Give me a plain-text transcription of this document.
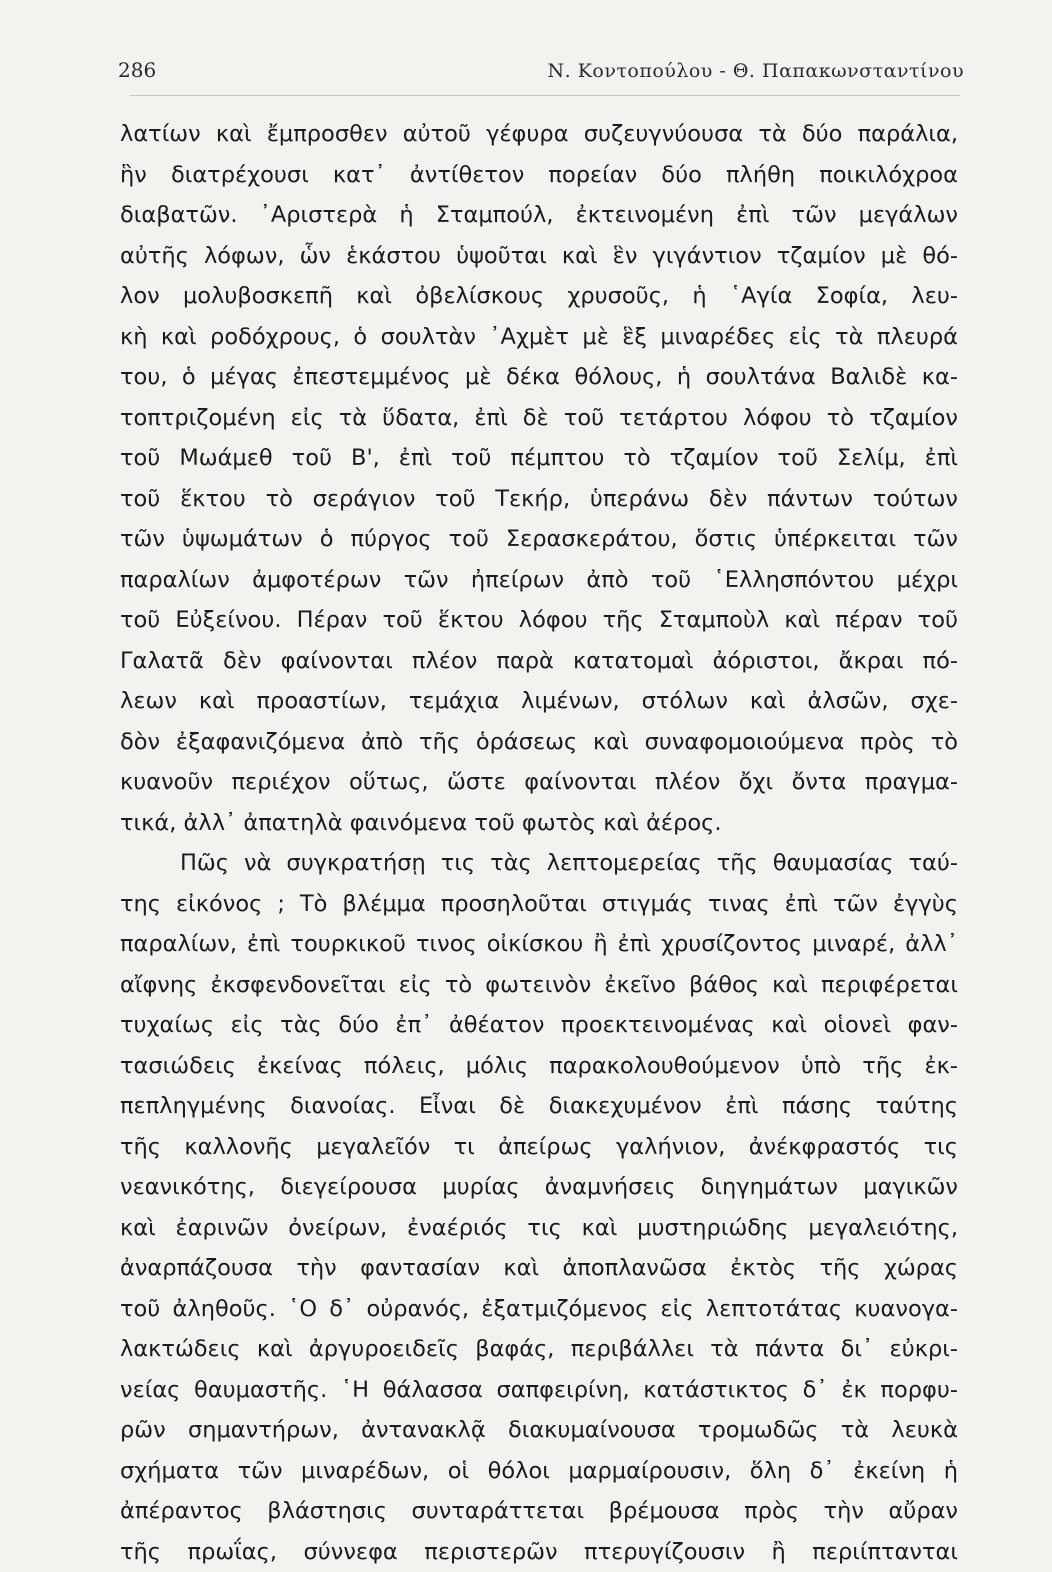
286	Ν. Κοντοπούλου - Θ. Παπακωνσταντίνου
λατίων καὶ ἔμπροσθεν αὐτοῦ γέφυρα συζευγνύουσα τὰ δύο παράλια,
ἣν διατρέχουσι κατ᾽ ἀντίθετον πορείαν δύο πλήθη ποικιλόχροα
διαβατῶν. ᾽Αριστερὰ ἡ Σταμπούλ, ἐκτεινομένη ἐπὶ τῶν μεγάλων
αὐτῆς λόφων, ὧν ἑκάστου ὑψοῦται καὶ ἓν γιγάντιον τζαμίον μὲ θό-
λον μολυβοσκεπῆ καὶ ὀβελίσκους χρυσοῦς, ἡ ῾Αγία Σοφία, λευ-
κὴ καὶ ροδόχρους, ὁ σουλτὰν ᾽Αχμὲτ μὲ ἓξ μιναρέδες εἰς τὰ πλευρά
του, ὁ μέγας ἐπεστεμμένος μὲ δέκα θόλους, ἡ σουλτάνα Βαλιδὲ κα-
τοπτριζομένη εἰς τὰ ὕδατα, ἐπὶ δὲ τοῦ τετάρτου λόφου τὸ τζαμίον
τοῦ Μωάμεθ τοῦ Β', ἐπὶ τοῦ πέμπτου τὸ τζαμίον τοῦ Σελίμ, ἐπὶ
τοῦ ἕκτου τὸ σεράγιον τοῦ Τεκήρ, ὑπεράνω δὲν πάντων τούτων
τῶν ὑψωμάτων ὁ πύργος τοῦ Σερασκεράτου, ὅστις ὑπέρκειται τῶν
παραλίων ἀμφοτέρων τῶν ἠπείρων ἀπὸ τοῦ ῾Ελλησπόντου μέχρι
τοῦ Εὐξείνου. Πέραν τοῦ ἕκτου λόφου τῆς Σταμποὺλ καὶ πέραν τοῦ
Γαλατᾶ δὲν φαίνονται πλέον παρὰ κατατομαὶ ἀόριστοι, ἄκραι πό-
λεων καὶ προαστίων, τεμάχια λιμένων, στόλων καὶ ἀλσῶν, σχε-
δὸν ἐξαφανιζόμενα ἀπὸ τῆς ὁράσεως καὶ συναφομοιούμενα πρὸς τὸ
κυανοῦν περιέχον οὕτως, ὥστε φαίνονται πλέον ὄχι ὄντα πραγμα-
τικά, ἀλλ᾽ ἀπατηλὰ φαινόμενα τοῦ φωτὸς καὶ ἀέρος.
Πῶς νὰ συγκρατήσῃ τις τὰς λεπτομερείας τῆς θαυμασίας ταύ-
της εἰκόνος ; Τὸ βλέμμα προσηλοῦται στιγμάς τινας ἐπὶ τῶν ἐγγὺς
παραλίων, ἐπὶ τουρκικοῦ τινος οἰκίσκου ἢ ἐπὶ χρυσίζοντος μιναρέ, ἀλλ᾽
αἴφνης ἐκσφενδονεῖται εἰς τὸ φωτεινὸν ἐκεῖνο βάθος καὶ περιφέρεται
τυχαίως εἰς τὰς δύο ἐπ᾽ ἀθέατον προεκτεινομένας καὶ οἱονεὶ φαν-
τασιώδεις ἐκείνας πόλεις, μόλις παρακολουθούμενον ὑπὸ τῆς ἐκ-
πεπληγμένης διανοίας. Εἶναι δὲ διακεχυμένον ἐπὶ πάσης ταύτης
τῆς καλλονῆς μεγαλεῖόν τι ἀπείρως γαλήνιον, ἀνέκφραστός τις
νεανικότης, διεγείρουσα μυρίας ἀναμνήσεις διηγημάτων μαγικῶν
καὶ ἐαρινῶν ὀνείρων, ἐναέριός τις καὶ μυστηριώδης μεγαλειότης,
ἀναρπάζουσα τὴν φαντασίαν καὶ ἀποπλανῶσα ἐκτὸς τῆς χώρας
τοῦ ἀληθοῦς. ῾Ο δ᾽ οὐρανός, ἐξατμιζόμενος εἰς λεπτοτάτας κυανογα-
λακτώδεις καὶ ἀργυροειδεῖς βαφάς, περιβάλλει τὰ πάντα δι᾽ εὐκρι-
νείας θαυμαστῆς. ῾Η θάλασσα σαπφειρίνη, κατάστικτος δ᾽ ἐκ πορφυ-
ρῶν σημαντήρων, ἀντανακλᾷ διακυμαίνουσα τρομωδῶς τὰ λευκὰ
σχήματα τῶν μιναρέδων, οἱ θόλοι μαρμαίρουσιν, ὅλη δ᾽ ἐκείνη ἡ
ἀπέραντος βλάστησις συνταράττεται βρέμουσα πρὸς τὴν αὔραν
τῆς πρωΐας, σύννεφα περιστερῶν πτερυγίζουσιν ἢ περιίπτανται
